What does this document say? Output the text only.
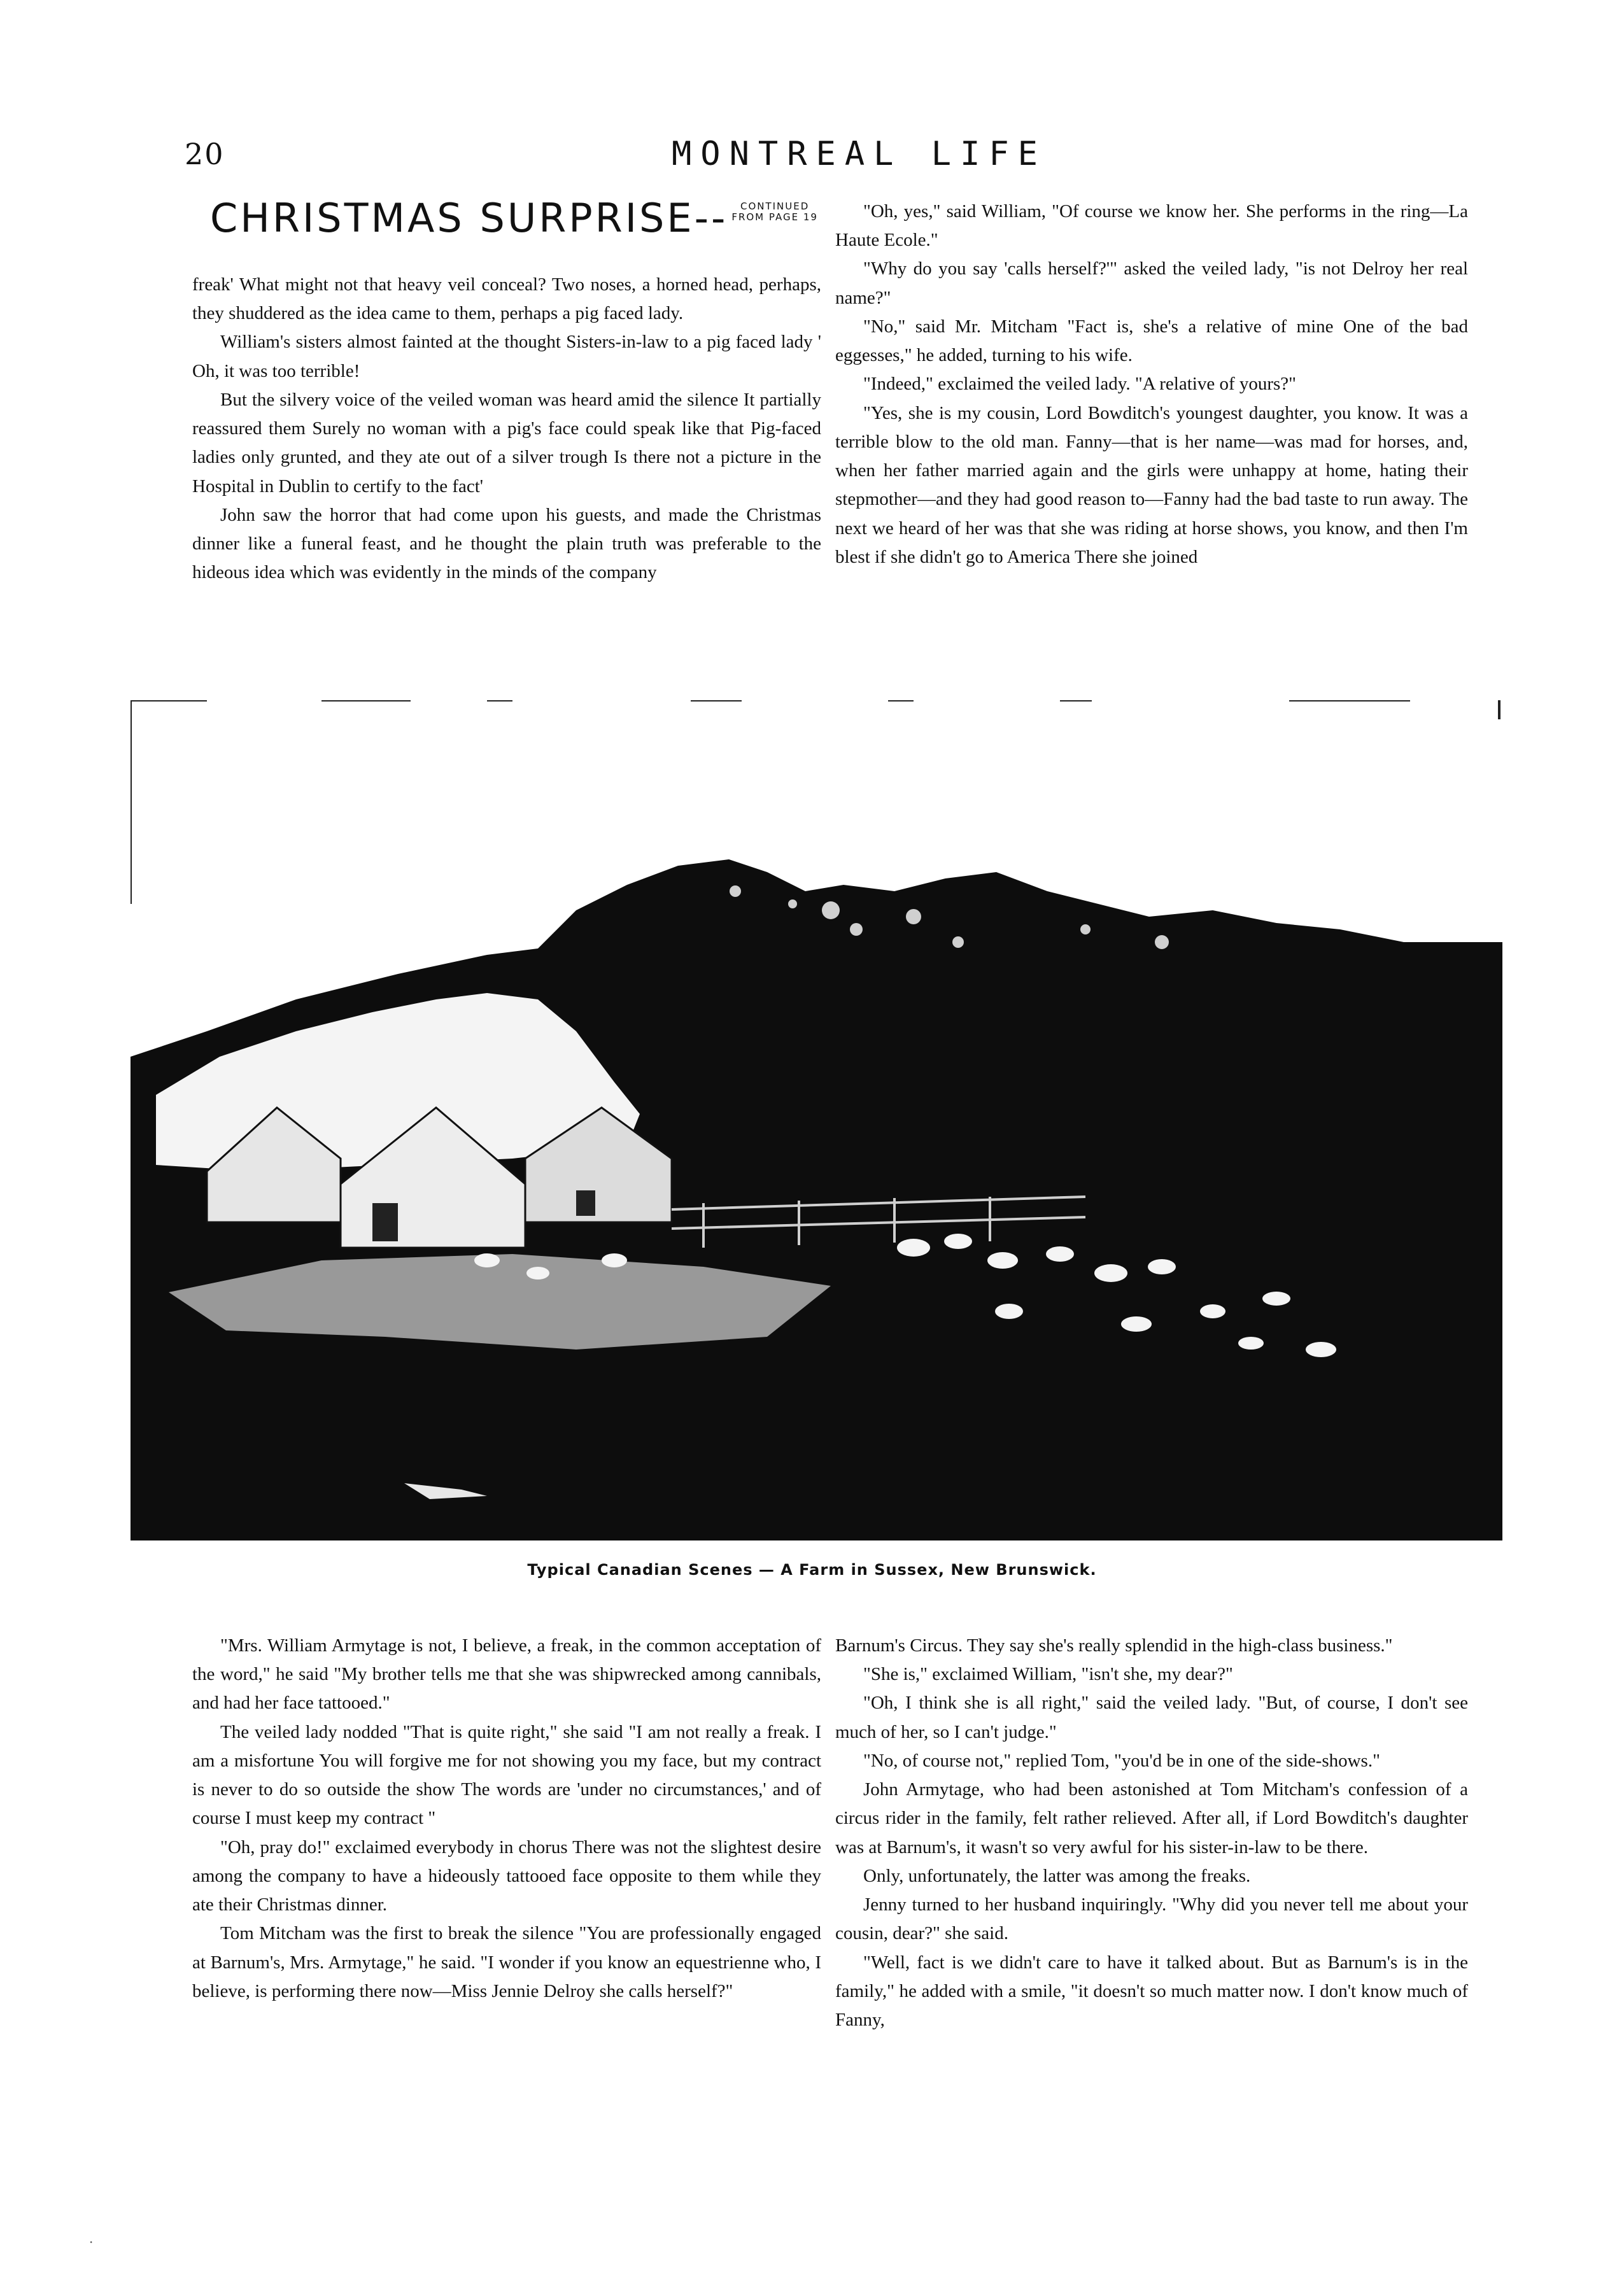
20	MONTREAL LIFE
CHRISTMAS SURPRISE--	CONTINUED
FROM PAGE 19

freak' What might not that heavy veil conceal? Two noses, a horned head, perhaps, they shuddered as the idea came to them, perhaps a pig faced lady.

William's sisters almost fainted at the thought Sisters-in-law to a pig faced lady ' Oh, it was too terrible!

But the silvery voice of the veiled woman was heard amid the silence It partially reassured them Surely no woman with a pig's face could speak like that Pig-faced ladies only grunted, and they ate out of a silver trough Is there not a picture in the Hospital in Dublin to certify to the fact'

John saw the horror that had come upon his guests, and made the Christmas dinner like a funeral feast, and he thought the plain truth was preferable to the hideous idea which was evidently in the minds of the company

"Oh, yes," said William, "Of course we know her. She performs in the ring—La Haute Ecole."

"Why do you say 'calls herself?'" asked the veiled lady, "is not Delroy her real name?"

"No," said Mr. Mitcham "Fact is, she's a relative of mine One of the bad eggesses," he added, turning to his wife.

"Indeed," exclaimed the veiled lady. "A relative of yours?"

"Yes, she is my cousin, Lord Bowditch's youngest daughter, you know. It was a terrible blow to the old man. Fanny—that is her name—was mad for horses, and, when her father married again and the girls were unhappy at home, hating their stepmother—and they had good reason to—Fanny had the bad taste to run away. The next we heard of her was that she was riding at horse shows, you know, and then I'm blest if she didn't go to America There she joined

Typical Canadian Scenes — A Farm in Sussex, New Brunswick.

"Mrs. William Armytage is not, I believe, a freak, in the common acceptation of the word," he said "My brother tells me that she was shipwrecked among cannibals, and had her face tattooed."

The veiled lady nodded "That is quite right," she said "I am not really a freak. I am a misfortune You will forgive me for not showing you my face, but my contract is never to do so outside the show The words are 'under no circumstances,' and of course I must keep my contract "

"Oh, pray do!" exclaimed everybody in chorus There was not the slightest desire among the company to have a hideously tattooed face opposite to them while they ate their Christmas dinner.

Tom Mitcham was the first to break the silence "You are professionally engaged at Barnum's, Mrs. Armytage," he said. "I wonder if you know an equestrienne who, I believe, is performing there now—Miss Jennie Delroy she calls herself?"

Barnum's Circus. They say she's really splendid in the high-class business."

"She is," exclaimed William, "isn't she, my dear?"

"Oh, I think she is all right," said the veiled lady. "But, of course, I don't see much of her, so I can't judge."

"No, of course not," replied Tom, "you'd be in one of the side-shows."

John Armytage, who had been astonished at Tom Mitcham's confession of a circus rider in the family, felt rather relieved. After all, if Lord Bowditch's daughter was at Barnum's, it wasn't so very awful for his sister-in-law to be there.

Only, unfortunately, the latter was among the freaks.

Jenny turned to her husband inquiringly. "Why did you never tell me about your cousin, dear?" she said.

"Well, fact is we didn't care to have it talked about. But as Barnum's is in the family," he added with a smile, "it doesn't so much matter now. I don't know much of Fanny,

·
